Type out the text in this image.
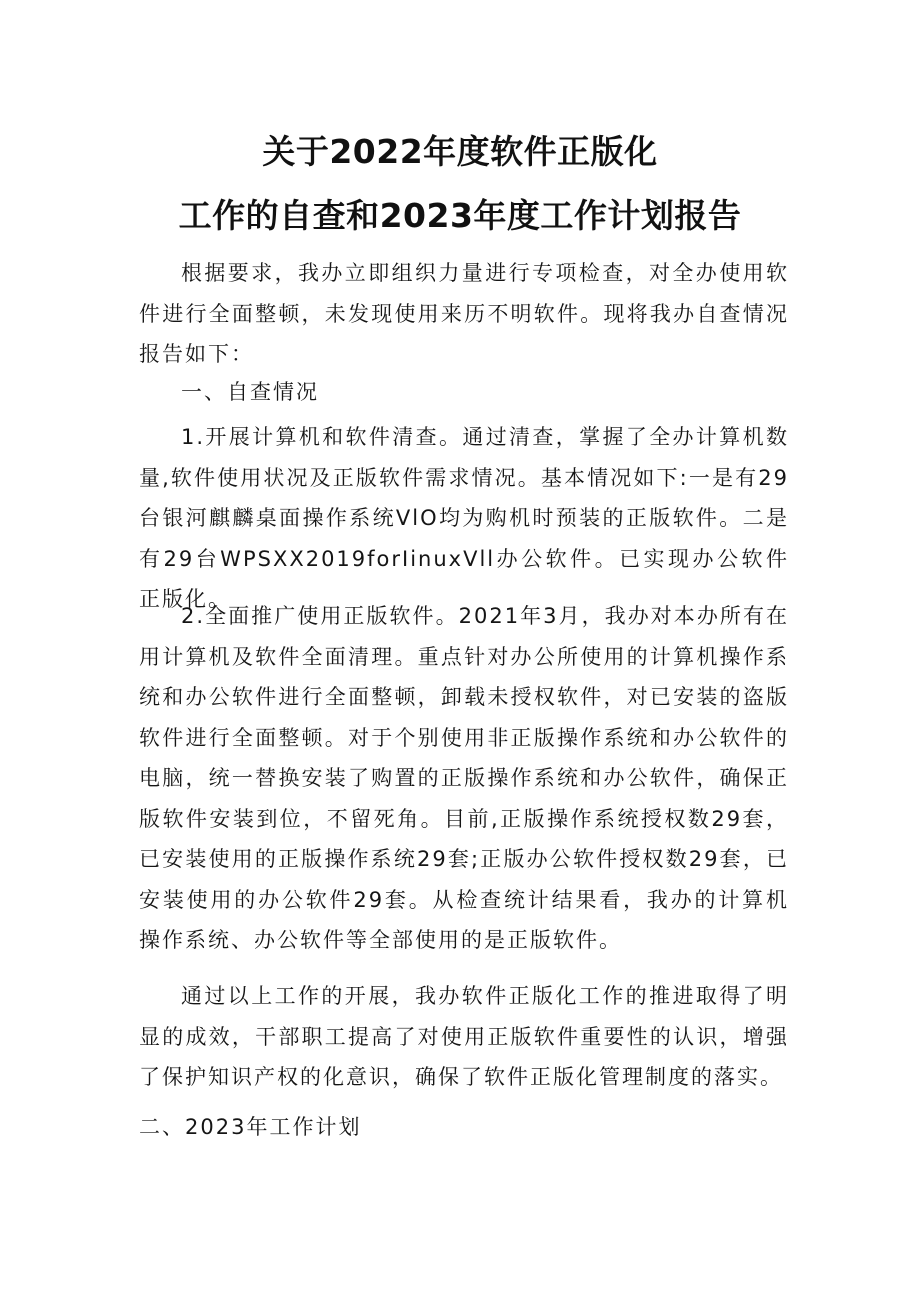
关于2022年度软件正版化
工作的自查和2023年度工作计划报告

根据要求，我办立即组织力量进行专项检查，对全办使用软件进行全面整顿，未发现使用来历不明软件。现将我办自查情况报告如下：

一、自查情况

1.开展计算机和软件清查。通过清查，掌握了全办计算机数量,软件使用状况及正版软件需求情况。基本情况如下:一是有29台银河麒麟桌面操作系统VlO均为购机时预装的正版软件。二是有29台WPSXX2019forIinuxVll办公软件。已实现办公软件正版化。

2.全面推广使用正版软件。2021年3月，我办对本办所有在用计算机及软件全面清理。重点针对办公所使用的计算机操作系统和办公软件进行全面整顿，卸载未授权软件，对已安装的盗版软件进行全面整顿。对于个别使用非正版操作系统和办公软件的电脑，统一替换安装了购置的正版操作系统和办公软件，确保正版软件安装到位，不留死角。目前,正版操作系统授权数29套，已安装使用的正版操作系统29套;正版办公软件授权数29套，已安装使用的办公软件29套。从检查统计结果看，我办的计算机操作系统、办公软件等全部使用的是正版软件。

通过以上工作的开展，我办软件正版化工作的推进取得了明显的成效，干部职工提高了对使用正版软件重要性的认识，增强了保护知识产权的化意识，确保了软件正版化管理制度的落实。

二、2023年工作计划
